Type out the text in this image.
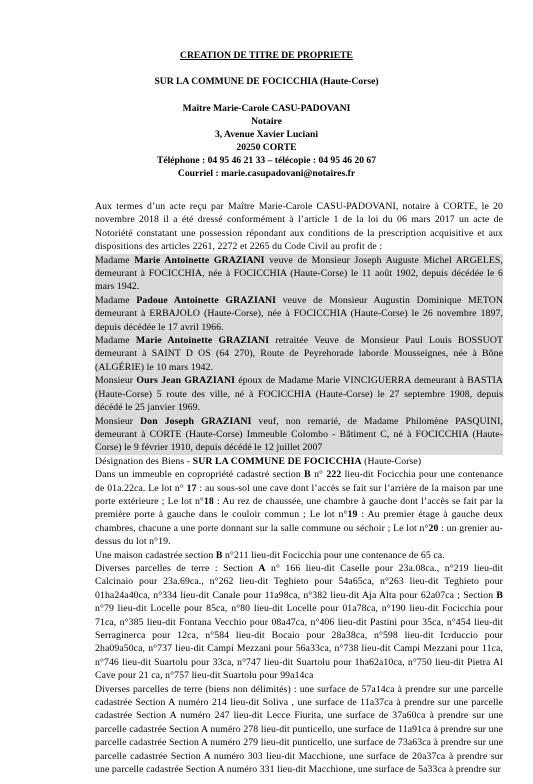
CREATION DE TITRE DE PROPRIETE
SUR LA COMMUNE DE FOCICCHIA (Haute-Corse)
Maître Marie-Carole CASU-PADOVANI
Notaire
3, Avenue Xavier Luciani
20250 CORTE
Téléphone : 04 95 46 21 33 – télécopie : 04 95 46 20 67
Courriel : marie.casupadovani@notaires.fr

Aux termes d’un acte reçu par Maître Marie-Carole CASU-PADOVANI, notaire à CORTE, le 20 novembre 2018 il a été dressé conformément à l’article 1 de la loi du 06 mars 2017 un acte de Notoriété constatant une possession répondant aux conditions de la prescription acquisitive et aux dispositions des articles 2261, 2272 et 2265 du Code Civil au profit de :

Madame Marie Antoinette GRAZIANI veuve de Monsieur Joseph Auguste Michel ARGELES, demeurant à FOCICCHIA, née à FOCICCHIA (Haute-Corse) le 11 août 1902, depuis décédée le 6 mars 1942.

Madame Padoue Antoinette GRAZIANI veuve de Monsieur Augustin Dominique METON demeurant à ERBAJOLO (Haute-Corse), née à FOCICCHIA (Haute-Corse) le 26 novembre 1897, depuis décédée le 17 avril 1966.

Madame Marie Antoinette GRAZIANI retraitée Veuve de Monsieur Paul Louis BOSSUOT demeurant à SAINT D OS (64 270), Route de Peyrehorade laborde Mousseignes, née à Bône (ALGÉRIE) le 10 mars 1942.

Monsieur Ours Jean GRAZIANI époux de Madame Marie VINCIGUERRA demeurant à BASTIA (Haute-Corse) 5 route des ville, né à FOCICCHIA (Haute-Corse) le 27 septembre 1908, depuis décédé le 25 janvier 1969.

Monsieur Don Joseph GRAZIANI veuf, non remarié, de Madame Philomène PASQUINI, demeurant à CORTE (Haute-Corse) Immeuble Colombo - Bâtiment C, né à FOCICCHIA (Haute-Corse) le 9 février 1910, depuis décédé le 12 juillet 2007

Désignation des Biens - SUR LA COMMUNE DE FOCICCHIA (Haute-Corse)

Dans un immeuble en copropriété cadastré section B n° 222 lieu-dit Focicchia pour une contenance de 01a.22ca. Le lot n° 17 : au sous-sol une cave dont l’accès se fait sur l’arrière de la maison par une porte extérieure ; Le lot n°18 : Au rez de chaussée, une chambre à gauche dont l’accès se fait par la première porte à gauche dans le couloir commun ; Le lot n°19 : Au premier étage à gauche deux chambres, chacune a une porte donnant sur la salle commune ou séchoir ; Le lot n°20 : un grenier au-dessus du lot n°19.

Une maison cadastrée section B n°211 lieu-dit Focicchia pour une contenance de 65 ca.

Diverses parcelles de terre : Section A n° 166 lieu-dit Caselle pour 23a.08ca., n°219 lieu-dit Calcinaio pour 23a.69ca., n°262 lieu-dit Teghieto pour 54a65ca, n°263 lieu-dit Teghieto pour 01ha24a40ca, n°334 lieu-dit Canale pour 11a98ca, n°382 lieu-dit Aja Alta pour 62a07ca ; Section B n°79 lieu-dit Locelle pour 85ca, n°80 lieu-dit Locelle pour 01a78ca, n°190 lieu-dit Focicchia pour 71ca, n°385 lieu-dit Fontana Vecchio pour 08a47ca, n°406 lieu-dit Pastini pour 35ca, n°454 lieu-dit Serraginerca pour 12ca, n°584 lieu-dit Bocaio pour 28a38ca, n°598 lieu-dit Icrduccio pour 2ha09a50ca, n°737 lieu-dit Campi Mezzani pour 56a33ca, n°738 lieu-dit Campi Mezzani pour 11ca, n°746 lieu-dit Suartolu pour 33ca, n°747 lieu-dit Suartolu pour 1ha62a10ca, n°750 lieu-dit Pietra Al Cave pour 21 ca, n°757 lieu-dit Suartolu pour 99a14ca

Diverses parcelles de terre (biens non délimités) : une surface de 57a14ca à prendre sur une parcelle cadastrée Section A numéro 214 lieu-dit Soliva , une surface de 11a37ca à prendre sur une parcelle cadastrée Section A numéro 247 lieu-dit Lecce Fiurita, une surface de 37a60ca à prendre sur une parcelle cadastrée Section A numéro 278 lieu-dit punticello, une surface de 11a91ca à prendre sur une parcelle cadastrée Section A numéro 279 lieu-dit punticello, une surface de 73a63ca à prendre sur une parcelle cadastrée Section A numéro 303 lieu-dit Macchione, une surface de 20a37ca à prendre sur une parcelle cadastrée Section A numéro 331 lieu-dit Macchione, une surface de 5a33ca à prendre sur
